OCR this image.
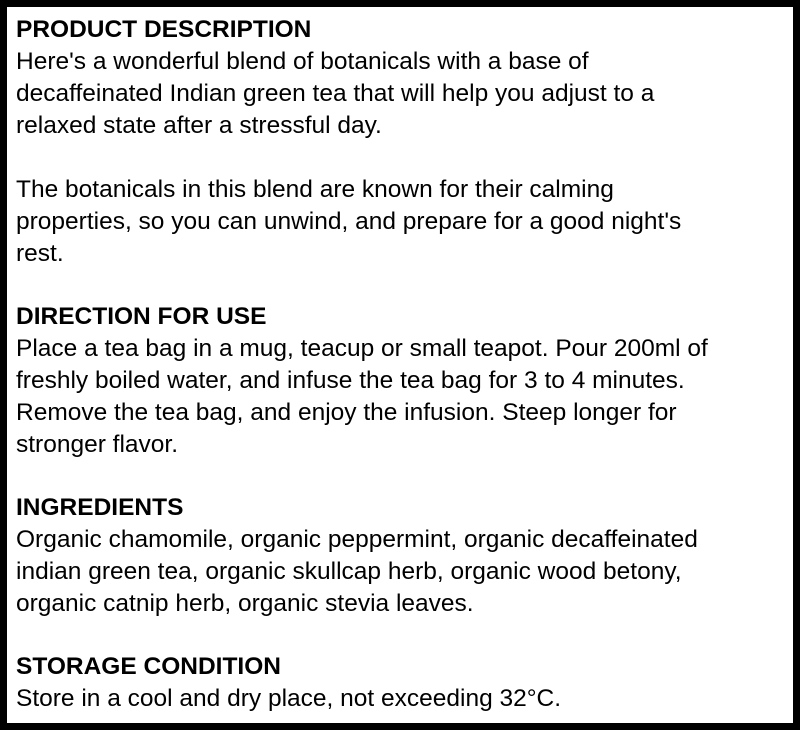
PRODUCT DESCRIPTION

Here's a wonderful blend of botanicals with a base of
decaffeinated Indian green tea that will help you adjust to a
relaxed state after a stressful day.

The botanicals in this blend are known for their calming
properties, so you can unwind, and prepare for a good night's
rest.

DIRECTION FOR USE

Place a tea bag in a mug, teacup or small teapot. Pour 200ml of
freshly boiled water, and infuse the tea bag for 3 to 4 minutes.
Remove the tea bag, and enjoy the infusion. Steep longer for
stronger flavor.

INGREDIENTS

Organic chamomile, organic peppermint, organic decaffeinated
indian green tea, organic skullcap herb, organic wood betony,
organic catnip herb, organic stevia leaves.

STORAGE CONDITION

Store in a cool and dry place, not exceeding 32°C.
